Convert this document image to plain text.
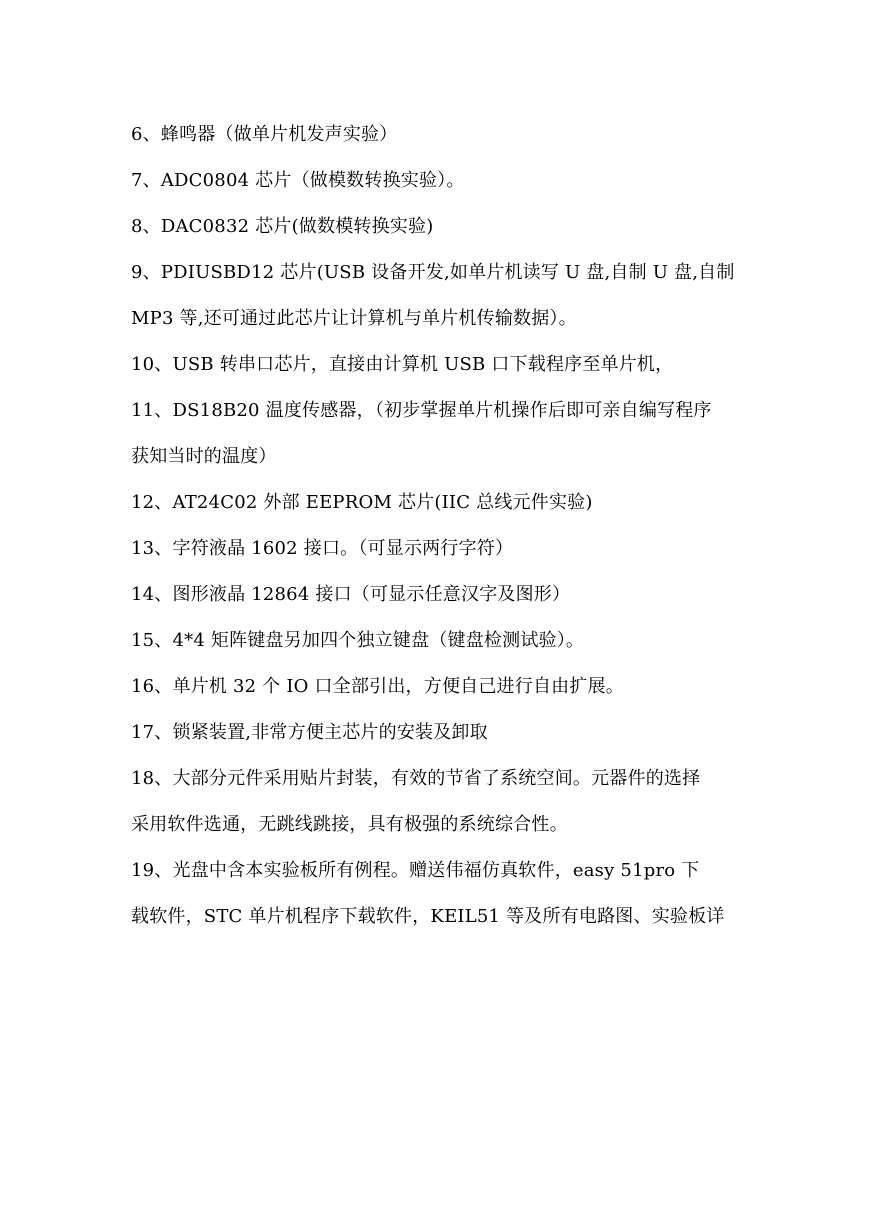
6、蜂鸣器（做单片机发声实验）
7、ADC0804 芯片（做模数转换实验）。
8、DAC0832 芯片(做数模转换实验)
9、PDIUSBD12 芯片(USB 设备开发,如单片机读写 U 盘,自制 U 盘,自制
MP3 等,还可通过此芯片让计算机与单片机传输数据）。
10、USB 转串口芯片，直接由计算机 USB 口下载程序至单片机，
11、DS18B20 温度传感器，（初步掌握单片机操作后即可亲自编写程序
获知当时的温度）
12、AT24C02 外部 EEPROM 芯片(IIC 总线元件实验)
13、字符液晶 1602 接口。（可显示两行字符）
14、图形液晶 12864 接口（可显示任意汉字及图形）
15、4*4 矩阵键盘另加四个独立键盘（键盘检测试验）。
16、单片机 32 个 IO 口全部引出，方便自己进行自由扩展。
17、锁紧装置,非常方便主芯片的安装及卸取
18、大部分元件采用贴片封装，有效的节省了系统空间。元器件的选择
采用软件选通，无跳线跳接，具有极强的系统综合性。
19、光盘中含本实验板所有例程。赠送伟福仿真软件，easy 51pro 下
载软件，STC 单片机程序下载软件，KEIL51 等及所有电路图、实验板详
